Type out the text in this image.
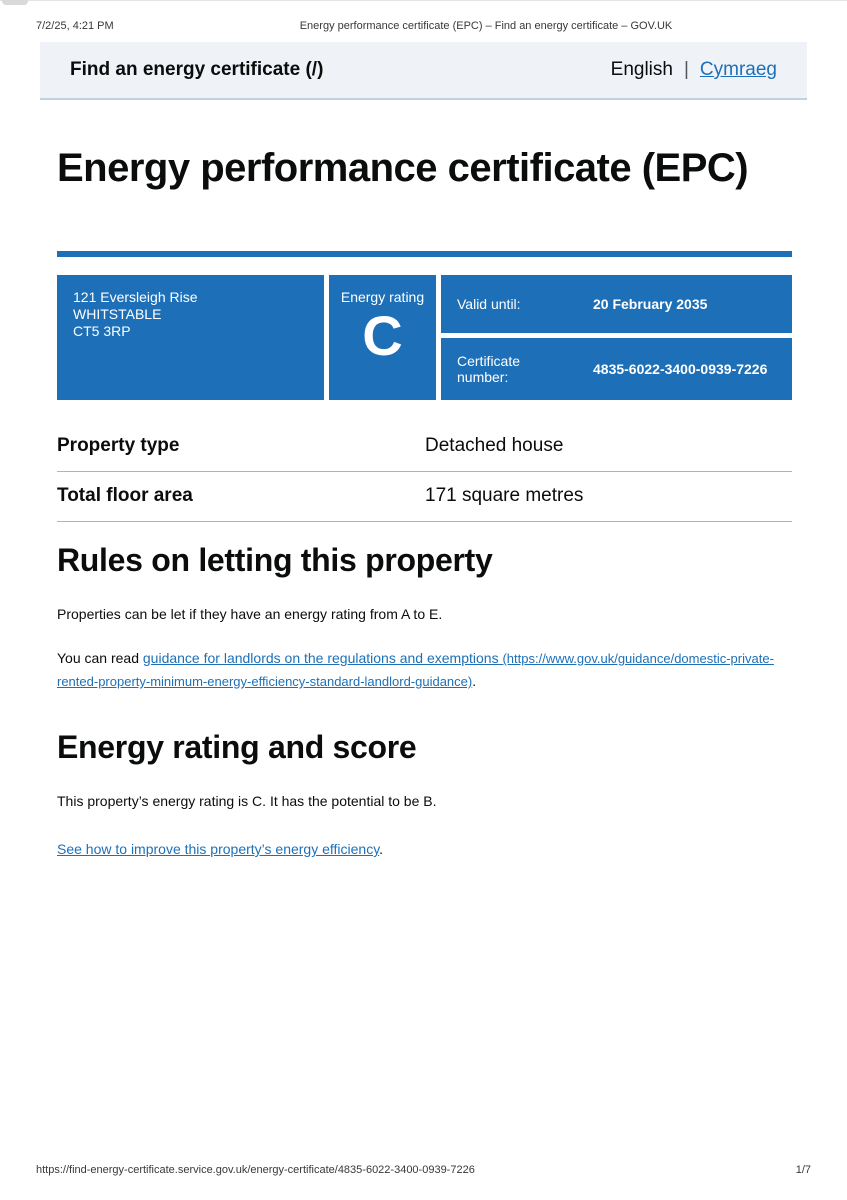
7/2/25, 4:21 PM	Energy performance certificate (EPC) – Find an energy certificate – GOV.UK
Find an energy certificate (/)	English | Cymraeg
Energy performance certificate (EPC)
121 Eversleigh Rise
WHITSTABLE
CT5 3RP
Energy rating
C	Valid until:	20 February 2035
Certificate number:	4835-6022-3400-0939-7226
Property type	Detached house
Total floor area	171 square metres
Rules on letting this property

Properties can be let if they have an energy rating from A to E.

You can read guidance for landlords on the regulations and exemptions (https://www.gov.uk/guidance/domestic-private-rented-property-minimum-energy-efficiency-standard-landlord-guidance).

Energy rating and score

This property’s energy rating is C. It has the potential to be B.

See how to improve this property’s energy efficiency.

https://find-energy-certificate.service.gov.uk/energy-certificate/4835-6022-3400-0939-7226	1/7
